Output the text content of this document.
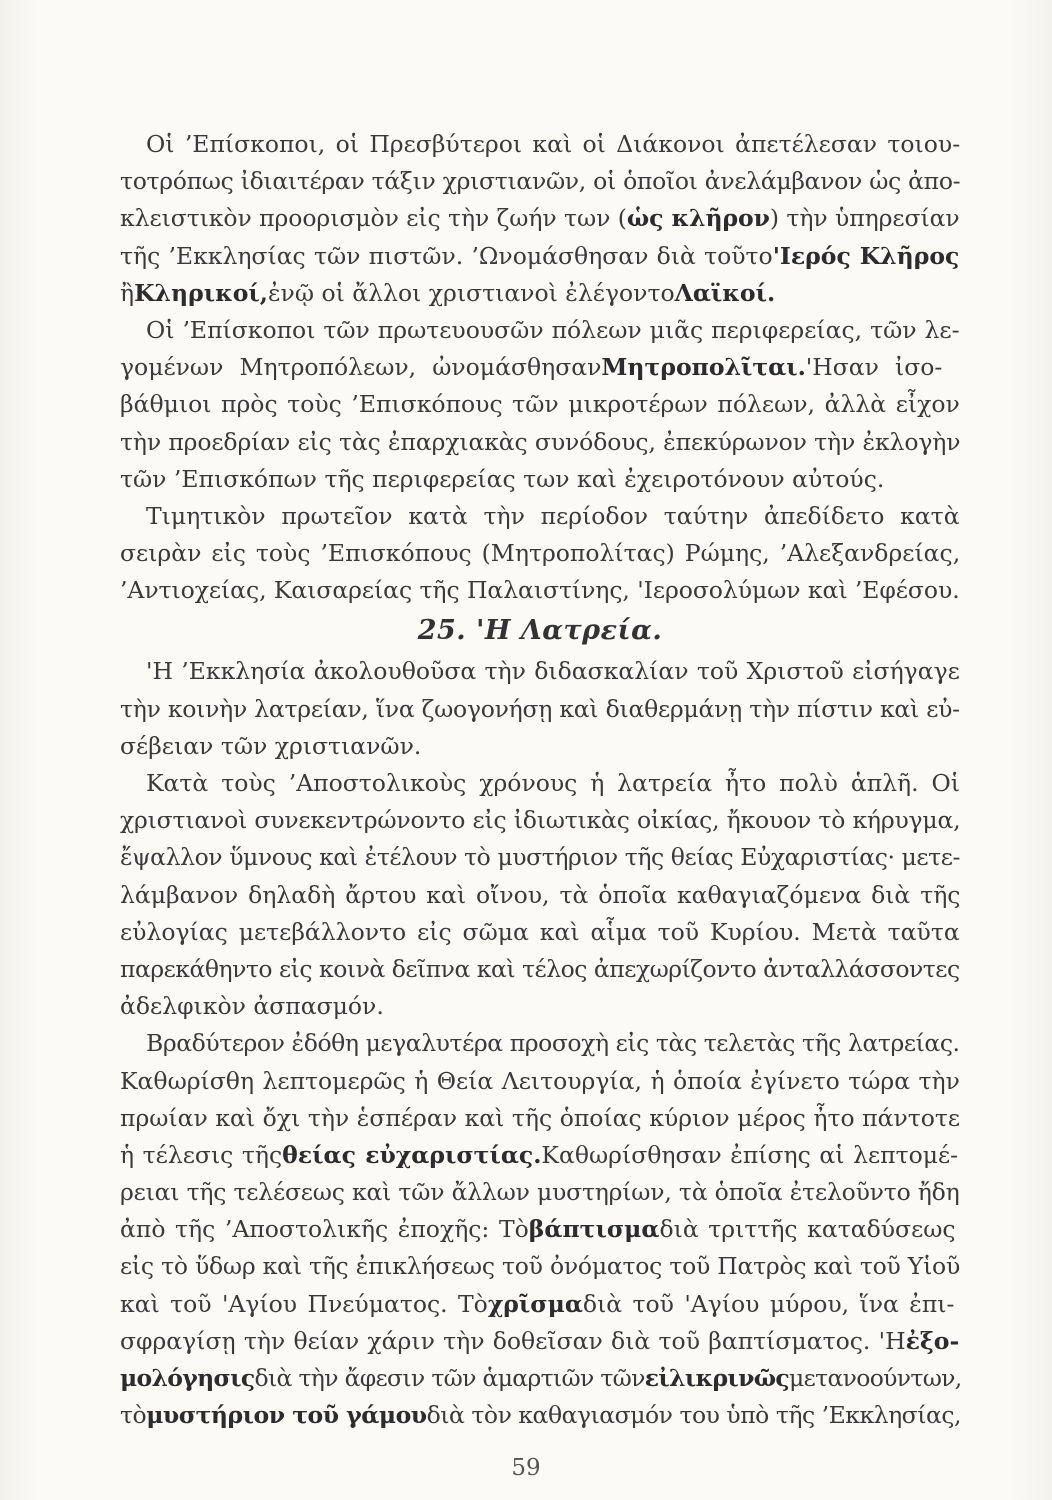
Οἱ ’Επίσκοποι, οἱ Πρεσβύτεροι καὶ οἱ Διάκονοι ἀπετέλεσαν τοιου-
τοτρόπως ἰδιαιτέραν τάξιν χριστιανῶν, οἱ ὁποῖοι ἀνελάμβανον ὡς ἀπο-
κλειστικὸν προορισμὸν εἰς τὴν ζωήν των (ὡς κλῆρον) τὴν ὑπηρεσίαν
τῆς ’Εκκλησίας τῶν πιστῶν. ’Ωνομάσθησαν διὰ τοῦτο'Ιερός Κλῆρος
ἢΚληρικοί,ἐνῷ οἱ ἄλλοι χριστιανοὶ ἐλέγοντοΛαϊκοί.
Οἱ ’Επίσκοποι τῶν πρωτευουσῶν πόλεων μιᾶς περιφερείας, τῶν λε-
γομένων Μητροπόλεων, ὠνομάσθησανΜητροπολῖται.'Ησαν ἰσο-
βάθμιοι πρὸς τοὺς ’Επισκόπους τῶν μικροτέρων πόλεων, ἀλλὰ εἶχον
τὴν προεδρίαν εἰς τὰς ἐπαρχιακὰς συνόδους, ἐπεκύρωνον τὴν ἐκλογὴν
τῶν ’Επισκόπων τῆς περιφερείας των καὶ ἐχειροτόνουν αὐτούς.
Τιμητικὸν πρωτεῖον κατὰ τὴν περίοδον ταύτην ἀπεδίδετο κατὰ
σειρὰν εἰς τοὺς ’Επισκόπους (Μητροπολίτας) Ρώμης, ’Αλεξανδρείας,
’Αντιοχείας, Καισαρείας τῆς Παλαιστίνης, 'Ιεροσολύμων καὶ ’Εφέσου.
25. 'Η Λατρεία.
'Η ’Εκκλησία ἀκολουθοῦσα τὴν διδασκαλίαν τοῦ Χριστοῦ εἰσήγαγε
τὴν κοινὴν λατρείαν, ἵνα ζωογονήσῃ καὶ διαθερμάνῃ τὴν πίστιν καὶ εὐ-
σέβειαν τῶν χριστιανῶν.
Κατὰ τοὺς ’Αποστολικοὺς χρόνους ἡ λατρεία ἦτο πολὺ ἁπλῆ. Οἱ
χριστιανοὶ συνεκεντρώνοντο εἰς ἰδιωτικὰς οἰκίας, ἤκουον τὸ κήρυγμα,
ἔψαλλον ὕμνους καὶ ἐτέλουν τὸ μυστήριον τῆς θείας Εὐχαριστίας· μετε-
λάμβανον δηλαδὴ ἄρτου καὶ οἴνου, τὰ ὁποῖα καθαγιαζόμενα διὰ τῆς
εὐλογίας μετεβάλλοντο εἰς σῶμα καὶ αἷμα τοῦ Κυρίου. Μετὰ ταῦτα
παρεκάθηντο εἰς κοινὰ δεῖπνα καὶ τέλος ἀπεχωρίζοντο ἀνταλλάσσοντες
ἀδελφικὸν ἀσπασμόν.
Βραδύτερον ἐδόθη μεγαλυτέρα προσοχὴ εἰς τὰς τελετὰς τῆς λατρείας.
Καθωρίσθη λεπτομερῶς ἡ Θεία Λειτουργία, ἡ ὁποία ἐγίνετο τώρα τὴν
πρωίαν καὶ ὄχι τὴν ἑσπέραν καὶ τῆς ὁποίας κύριον μέρος ἦτο πάντοτε
ἡ τέλεσις τῆςθείας εὐχαριστίας.Καθωρίσθησαν ἐπίσης αἱ λεπτομέ-
ρειαι τῆς τελέσεως καὶ τῶν ἄλλων μυστηρίων, τὰ ὁποῖα ἐτελοῦντο ἤδη
ἀπὸ τῆς ’Αποστολικῆς ἐποχῆς: Τὸβάπτισμαδιὰ τριττῆς καταδύσεως
εἰς τὸ ὕδωρ καὶ τῆς ἐπικλήσεως τοῦ ὀνόματος τοῦ Πατρὸς καὶ τοῦ Υἱοῦ
καὶ τοῦ 'Αγίου Πνεύματος. Τὸχρῖσμαδιὰ τοῦ 'Αγίου μύρου, ἵνα ἐπι-
σφραγίσῃ τὴν θείαν χάριν τὴν δοθεῖσαν διὰ τοῦ βαπτίσματος. 'Ηἐξο-
μολόγησιςδιὰ τὴν ἄφεσιν τῶν ἁμαρτιῶν τῶνεἰλικρινῶςμετανοούντων,
τὸμυστήριον τοῦ γάμουδιὰ τὸν καθαγιασμόν του ὑπὸ τῆς ’Εκκλησίας,
59
